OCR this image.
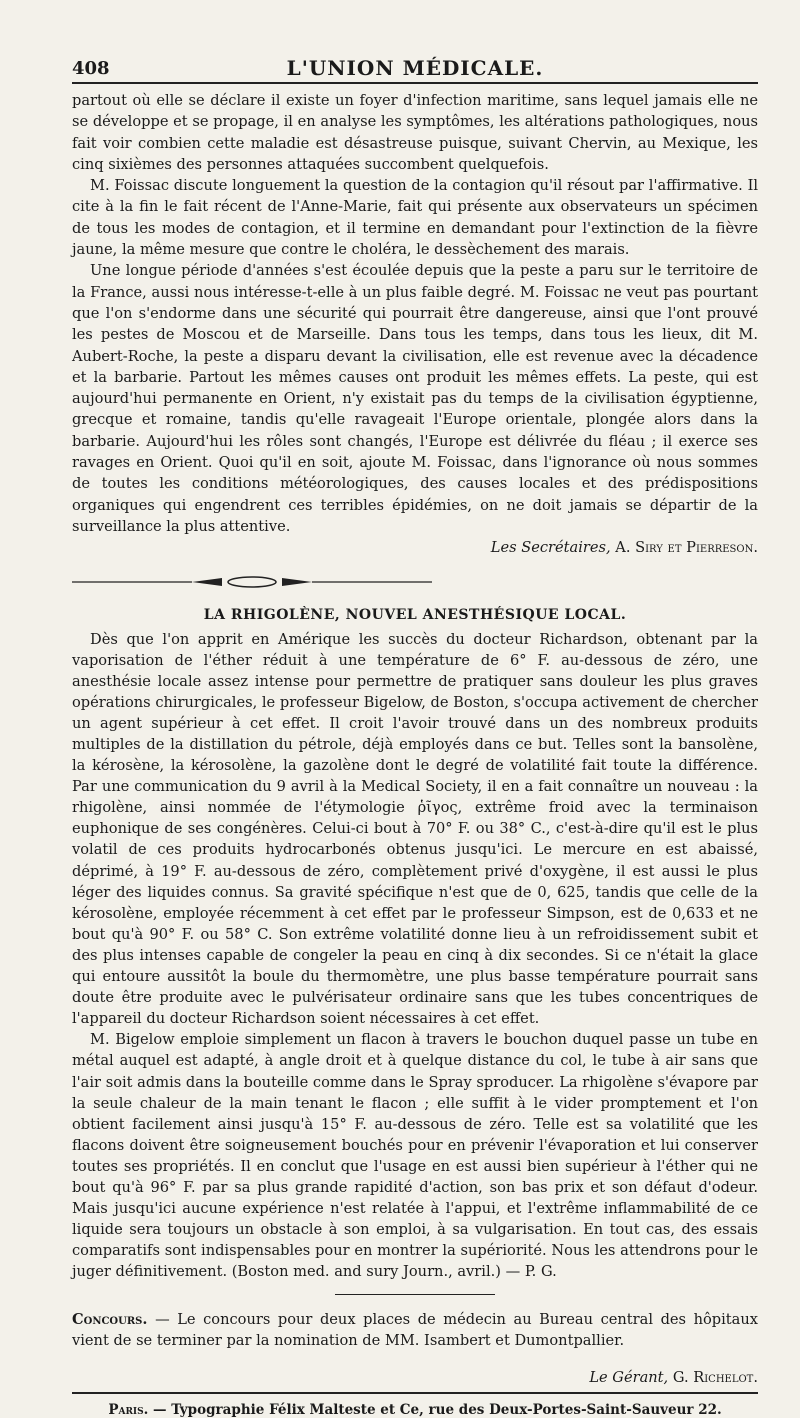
408	L'UNION MÉDICALE.

partout où elle se déclare il existe un foyer d'infection maritime, sans lequel jamais elle ne se développe et se propage, il en analyse les symptômes, les altérations pathologiques, nous fait voir combien cette maladie est désastreuse puisque, suivant Chervin, au Mexique, les cinq sixièmes des personnes attaquées succombent quelquefois.

M. Foissac discute longuement la question de la contagion qu'il résout par l'affirmative. Il cite à la fin le fait récent de l'Anne-Marie, fait qui présente aux observateurs un spécimen de tous les modes de contagion, et il termine en demandant pour l'extinction de la fièvre jaune, la même mesure que contre le choléra, le dessèchement des marais.

Une longue période d'années s'est écoulée depuis que la peste a paru sur le territoire de la France, aussi nous intéresse-t-elle à un plus faible degré. M. Foissac ne veut pas pourtant que l'on s'endorme dans une sécurité qui pourrait être dangereuse, ainsi que l'ont prouvé les pestes de Moscou et de Marseille. Dans tous les temps, dans tous les lieux, dit M. Aubert-Roche, la peste a disparu devant la civilisation, elle est revenue avec la décadence et la barbarie. Partout les mêmes causes ont produit les mêmes effets. La peste, qui est aujourd'hui permanente en Orient, n'y existait pas du temps de la civilisation égyptienne, grecque et romaine, tandis qu'elle ravageait l'Europe orientale, plongée alors dans la barbarie. Aujourd'hui les rôles sont changés, l'Europe est délivrée du fléau ; il exerce ses ravages en Orient. Quoi qu'il en soit, ajoute M. Foissac, dans l'ignorance où nous sommes de toutes les conditions météorologiques, des causes locales et des prédispositions organiques qui engendrent ces terribles épidémies, on ne doit jamais se départir de la surveillance la plus attentive.

Les Secrétaires, A. Siry et Pierreson.

LA RHIGOLÈNE, NOUVEL ANESTHÉSIQUE LOCAL.

Dès que l'on apprit en Amérique les succès du docteur Richardson, obtenant par la vaporisation de l'éther réduit à une température de 6° F. au-dessous de zéro, une anesthésie locale assez intense pour permettre de pratiquer sans douleur les plus graves opérations chirurgicales, le professeur Bigelow, de Boston, s'occupa activement de chercher un agent supérieur à cet effet. Il croit l'avoir trouvé dans un des nombreux produits multiples de la distillation du pétrole, déjà employés dans ce but. Telles sont la bansolène, la kérosène, la kérosolène, la gazolène dont le degré de volatilité fait toute la différence. Par une communication du 9 avril à la Medical Society, il en a fait connaître un nouveau : la rhigolène, ainsi nommée de l'étymologie ῥῖγος, extrême froid avec la terminaison euphonique de ses congénères. Celui-ci bout à 70° F. ou 38° C., c'est-à-dire qu'il est le plus volatil de ces produits hydrocarbonés obtenus jusqu'ici. Le mercure en est abaissé, déprimé, à 19° F. au-dessous de zéro, complètement privé d'oxygène, il est aussi le plus léger des liquides connus. Sa gravité spécifique n'est que de 0, 625, tandis que celle de la kérosolène, employée récemment à cet effet par le professeur Simpson, est de 0,633 et ne bout qu'à 90° F. ou 58° C. Son extrême volatilité donne lieu à un refroidissement subit et des plus intenses capable de congeler la peau en cinq à dix secondes. Si ce n'était la glace qui entoure aussitôt la boule du thermomètre, une plus basse température pourrait sans doute être produite avec le pulvérisateur ordinaire sans que les tubes concentriques de l'appareil du docteur Richardson soient nécessaires à cet effet.

M. Bigelow emploie simplement un flacon à travers le bouchon duquel passe un tube en métal auquel est adapté, à angle droit et à quelque distance du col, le tube à air sans que l'air soit admis dans la bouteille comme dans le Spray sproducer. La rhigolène s'évapore par la seule chaleur de la main tenant le flacon ; elle suffit à le vider promptement et l'on obtient facilement ainsi jusqu'à 15° F. au-dessous de zéro. Telle est sa volatilité que les flacons doivent être soigneusement bouchés pour en prévenir l'évaporation et lui conserver toutes ses propriétés. Il en conclut que l'usage en est aussi bien supérieur à l'éther qui ne bout qu'à 96° F. par sa plus grande rapidité d'action, son bas prix et son défaut d'odeur. Mais jusqu'ici aucune expérience n'est relatée à l'appui, et l'extrême inflammabilité de ce liquide sera toujours un obstacle à son emploi, à sa vulgarisation. En tout cas, des essais comparatifs sont indispensables pour en montrer la supériorité. Nous les attendrons pour le juger définitivement. (Boston med. and sury Journ., avril.) — P. G.

Concours. — Le concours pour deux places de médecin au Bureau central des hôpitaux vient de se terminer par la nomination de MM. Isambert et Dumontpallier.

Le Gérant, G. Richelot.

Paris. — Typographie Félix Malteste et Ce, rue des Deux-Portes-Saint-Sauveur 22.
